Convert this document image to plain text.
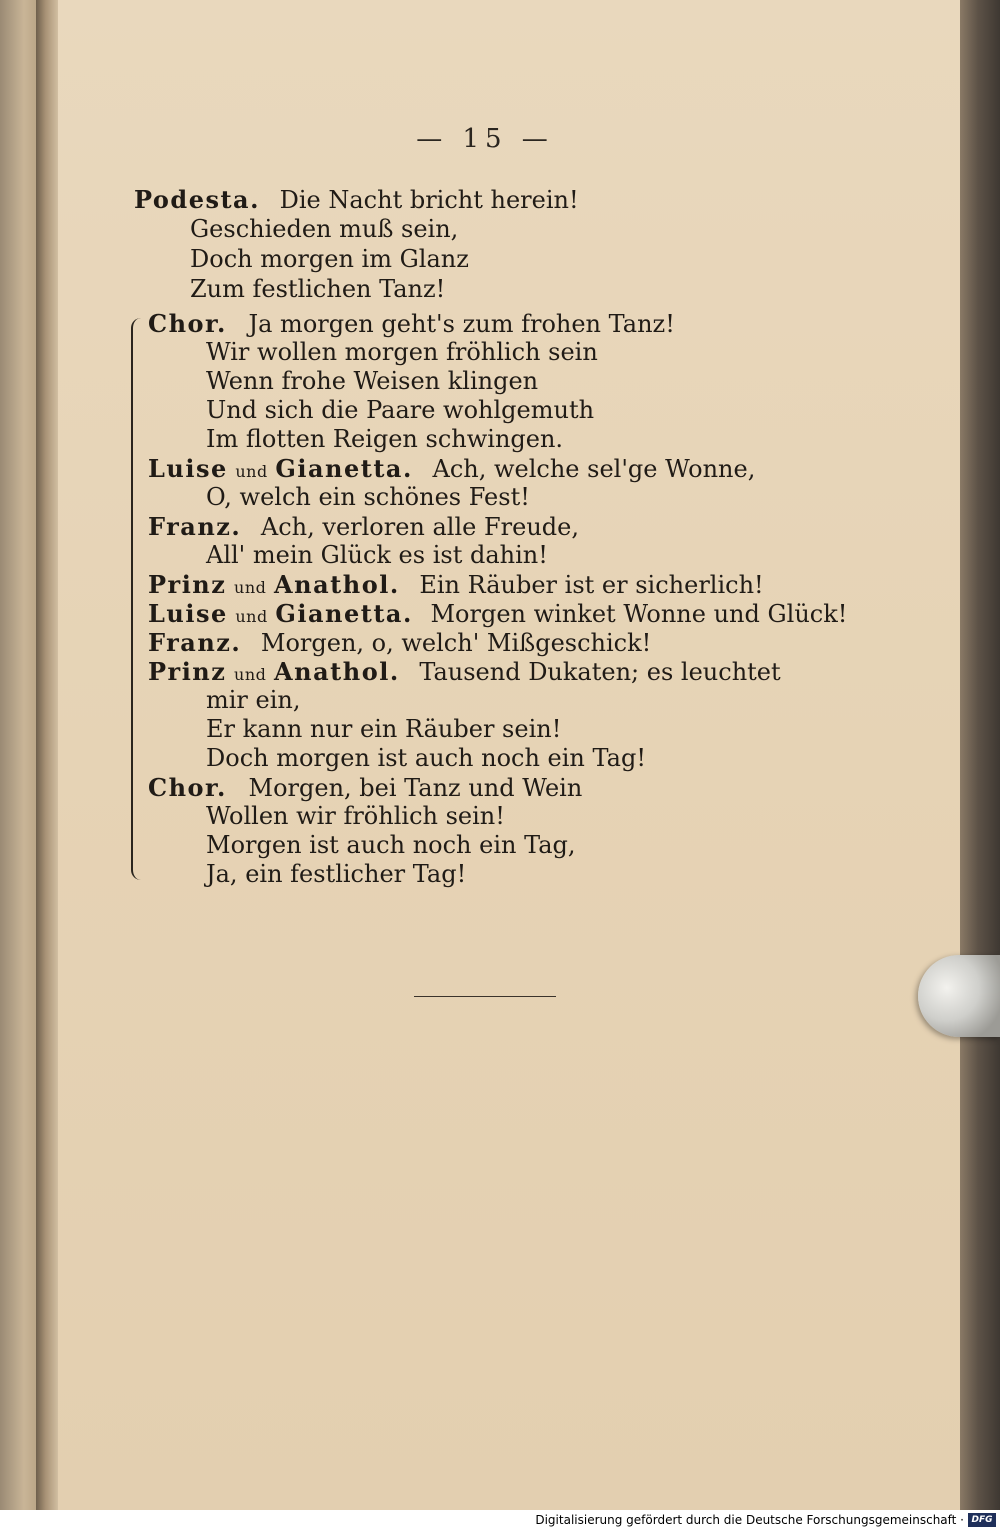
— 15 —
Podesta. Die Nacht bricht herein!
Geschieden muß sein,
Doch morgen im Glanz
Zum festlichen Tanz!
Chor. Ja morgen geht's zum frohen Tanz!
Wir wollen morgen fröhlich sein
Wenn frohe Weisen klingen
Und sich die Paare wohlgemuth
Im flotten Reigen schwingen.
Luise und Gianetta. Ach, welche sel'ge Wonne,
O, welch ein schönes Fest!
Franz. Ach, verloren alle Freude,
All' mein Glück es ist dahin!
Prinz und Anathol. Ein Räuber ist er sicherlich!
Luise und Gianetta. Morgen winket Wonne und Glück!
Franz. Morgen, o, welch' Mißgeschick!
Prinz und Anathol. Tausend Dukaten; es leuchtet
mir ein,
Er kann nur ein Räuber sein!
Doch morgen ist auch noch ein Tag!
Chor. Morgen, bei Tanz und Wein
Wollen wir fröhlich sein!
Morgen ist auch noch ein Tag,
Ja, ein festlicher Tag!
Digitalisierung gefördert durch die Deutsche Forschungsgemeinschaft · DFG
